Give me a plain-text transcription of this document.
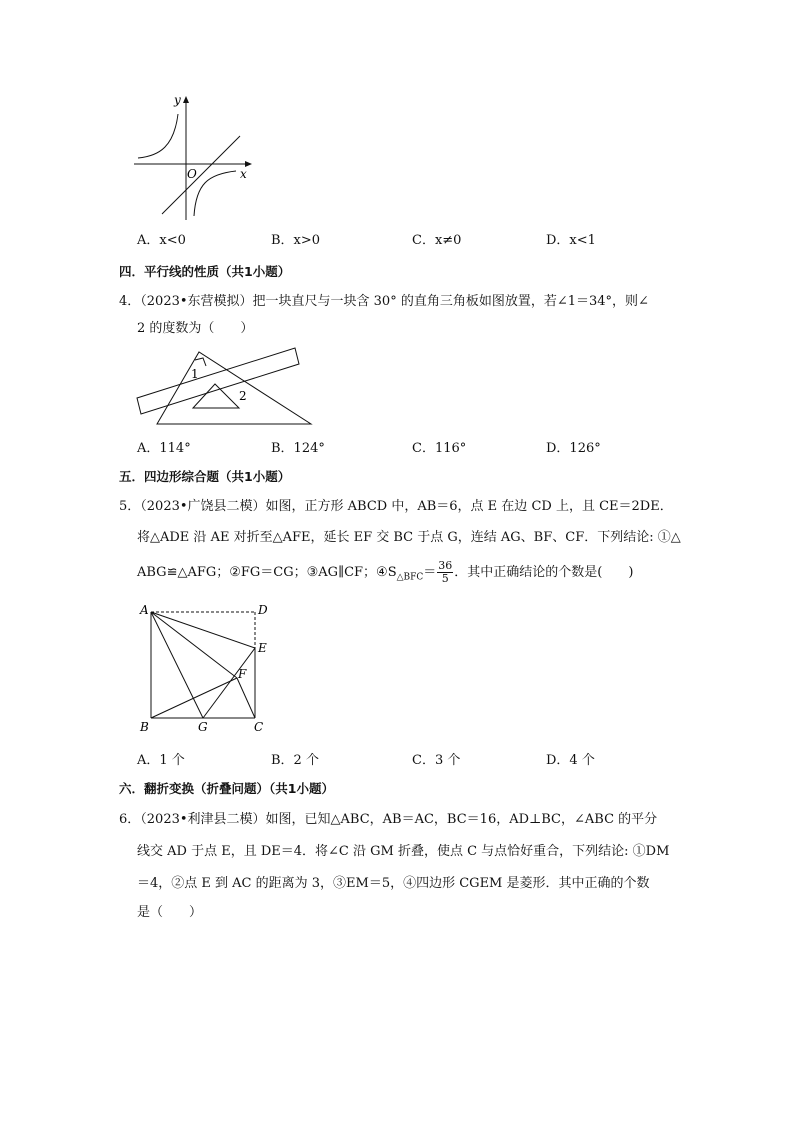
y
O	x
A．x<0	B．x>0	C．x≠0	D．x<1
四．平行线的性质（共1小题）
4．（2023•东营模拟）把一块直尺与一块含 30° 的直角三角板如图放置，若∠1＝34°，则∠
2 的度数为（　　）
1
2
A．114°	B．124°	C．116°	D．126°
五．四边形综合题（共1小题）
5．（2023•广饶县二模）如图，正方形 ABCD 中，AB＝6，点 E 在边 CD 上，且 CE＝2DE．
将△ADE 沿 AE 对折至△AFE，延长 EF 交 BC 于点 G，连结 AG、BF、CF．下列结论: ①△
ABG≌△AFG；②FG＝CG；③AG∥CF；$④S_{\triangle BFC}= \frac{36}{5}$ ．其中正确结论的个数是(　　)
A	D
E
F
B	G	C
A．1 个	B．2 个	C．3 个	D．4 个
六．翻折变换（折叠问题）（共1小题）
6．（2023•利津县二模）如图，已知△ABC，AB＝AC，BC＝16，AD⊥BC，∠ABC 的平分
线交 AD 于点 E，且 DE＝4．将∠C 沿 GM 折叠，使点 C 与点恰好重合，下列结论: ①DM
＝4，②点 E 到 AC 的距离为 3，③EM＝5，④四边形 CGEM 是菱形．其中正确的个数
是（　　）
